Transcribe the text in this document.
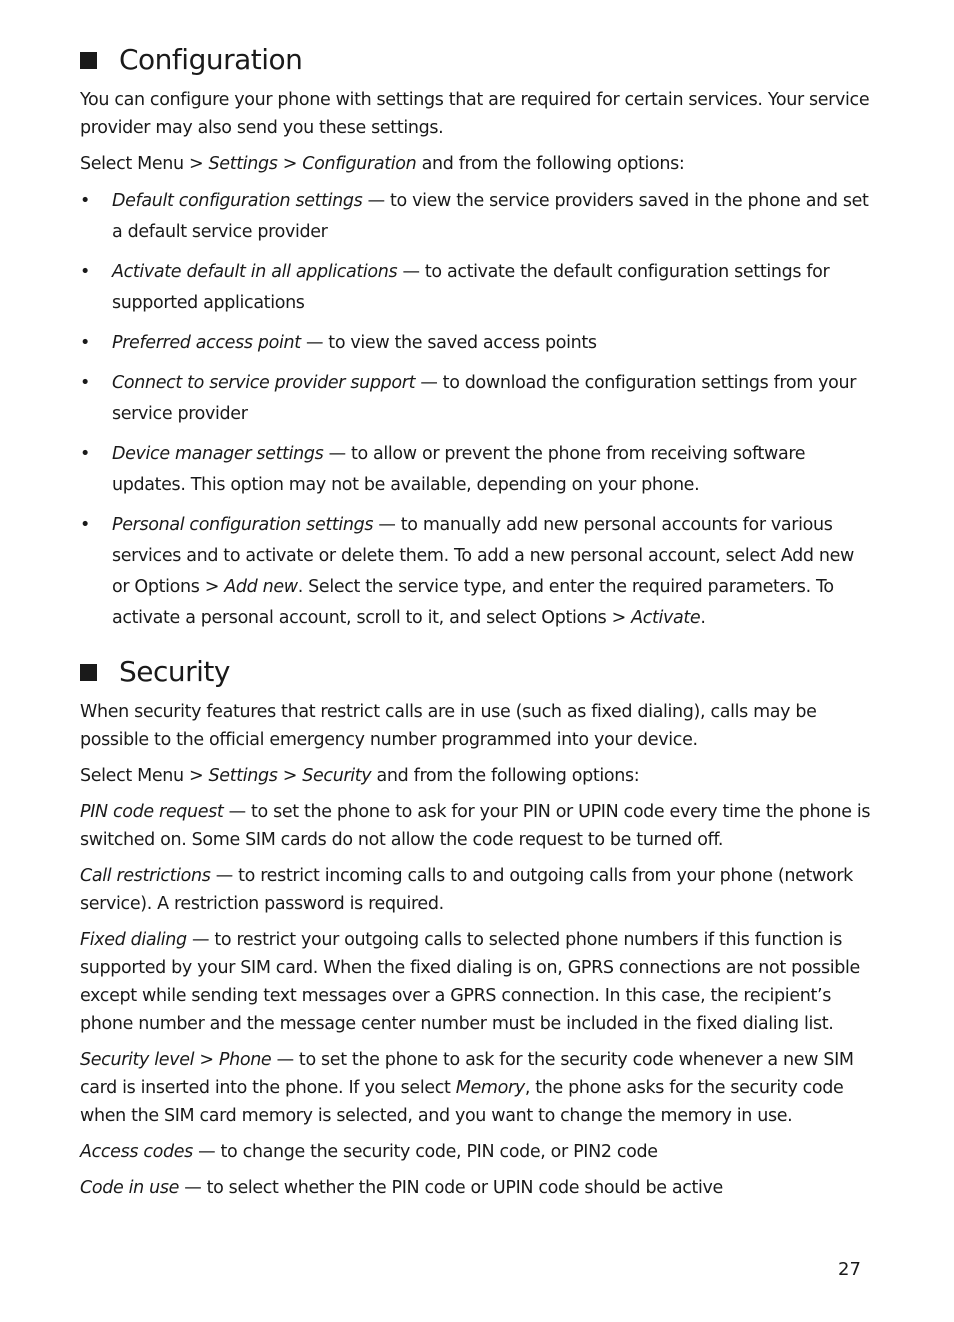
Configuration

You can configure your phone with settings that are required for certain services. Your service provider may also send you these settings.

Select Menu > Settings > Configuration and from the following options:

• Default configuration settings — to view the service providers saved in the phone and set a default service provider
• Activate default in all applications — to activate the default configuration settings for supported applications
• Preferred access point — to view the saved access points
• Connect to service provider support — to download the configuration settings from your service provider
• Device manager settings — to allow or prevent the phone from receiving software updates. This option may not be available, depending on your phone.
• Personal configuration settings — to manually add new personal accounts for various services and to activate or delete them. To add a new personal account, select Add new or Options > Add new. Select the service type, and enter the required parameters. To activate a personal account, scroll to it, and select Options > Activate.
Security

When security features that restrict calls are in use (such as fixed dialing), calls may be possible to the official emergency number programmed into your device.

Select Menu > Settings > Security and from the following options:

PIN code request — to set the phone to ask for your PIN or UPIN code every time the phone is switched on. Some SIM cards do not allow the code request to be turned off.

Call restrictions — to restrict incoming calls to and outgoing calls from your phone (network service). A restriction password is required.

Fixed dialing — to restrict your outgoing calls to selected phone numbers if this function is supported by your SIM card. When the fixed dialing is on, GPRS connections are not possible except while sending text messages over a GPRS connection. In this case, the recipient’s phone number and the message center number must be included in the fixed dialing list.

Security level > Phone — to set the phone to ask for the security code whenever a new SIM card is inserted into the phone. If you select Memory, the phone asks for the security code when the SIM card memory is selected, and you want to change the memory in use.

Access codes — to change the security code, PIN code, or PIN2 code

Code in use — to select whether the PIN code or UPIN code should be active

27
